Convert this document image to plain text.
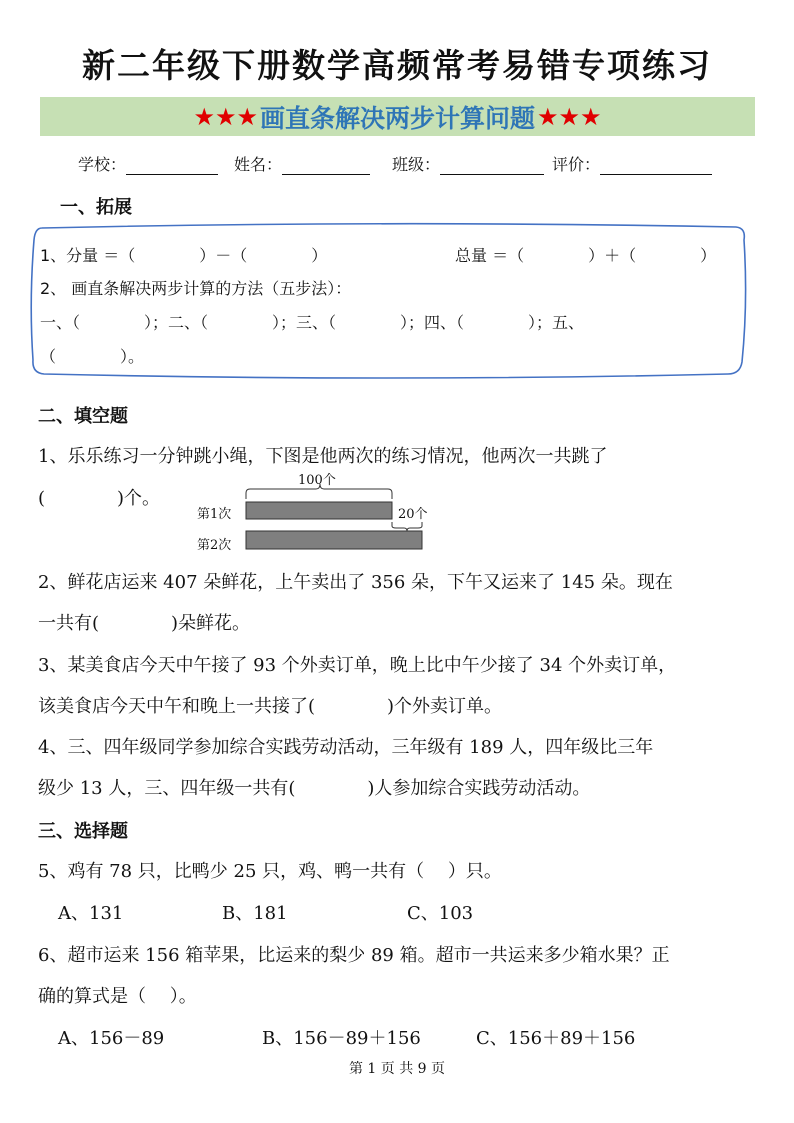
新二年级下册数学高频常考易错专项练习
★★★ 画直条解决两步计算问题 ★★★
学校：	姓名：	班级：	评价：
一、拓展
1、分量 ＝（　　　　）－（　　　　）	总量 ＝（　　　　）＋（　　　　）
2、 画直条解决两步计算的方法（五步法）：
一、（　　　　）；二、（　　　　）；三、（　　　　）；四、（　　　　）；五、
（　　　　）。
二、填空题
1、乐乐练习一分钟跳小绳，下图是他两次的练习情况，他两次一共跳了
(　　　　)个。
100个
第1次
第2次
20个
2、鲜花店运来 407 朵鲜花，上午卖出了 356 朵，下午又运来了 145 朵。现在
一共有(　　　　)朵鲜花。
3、某美食店今天中午接了 93 个外卖订单，晚上比中午少接了 34 个外卖订单，
该美食店今天中午和晚上一共接了(　　　　)个外卖订单。
4、三、四年级同学参加综合实践劳动活动，三年级有 189 人，四年级比三年
级少 13 人，三、四年级一共有(　　　　)人参加综合实践劳动活动。
三、选择题
5、鸡有 78 只，比鸭少 25 只，鸡、鸭一共有（　 ）只。
A、131	B、181	C、103
6、超市运来 156 箱苹果，比运来的梨少 89 箱。超市一共运来多少箱水果？正
确的算式是（　 ）。
A、156－89	B、156－89＋156	C、156＋89＋156
第 1 页 共 9 页
